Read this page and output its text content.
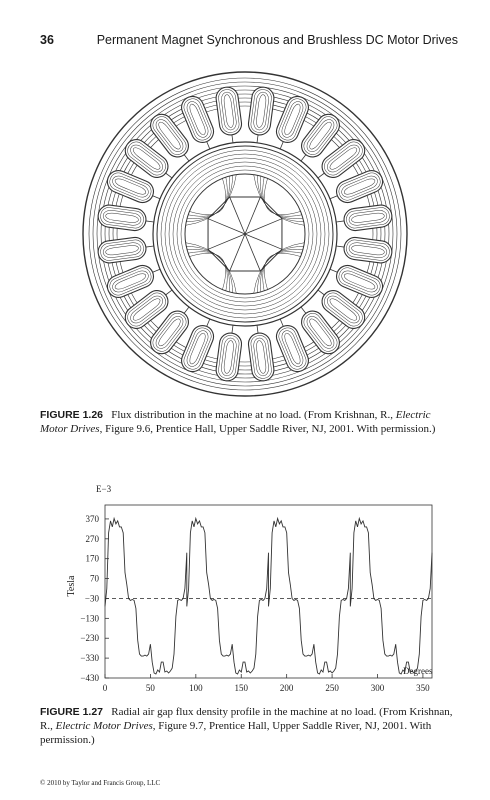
36	Permanent Magnet Synchronous and Brushless DC Motor Drives
FIGURE 1.26 Flux distribution in the machine at no load. (From Krishnan, R., Electric Motor Drives, Figure 9.6, Prentice Hall, Upper Saddle River, NJ, 2001. With permission.)
E−3
Tesla
Degrees
370
270
170
70
−30
−130
−230
−330
−430
0	50	100	150	200	250	300	350
FIGURE 1.27 Radial air gap flux density profile in the machine at no load. (From Krishnan, R., Electric Motor Drives, Figure 9.7, Prentice Hall, Upper Saddle River, NJ, 2001. With permission.)
© 2010 by Taylor and Francis Group, LLC
